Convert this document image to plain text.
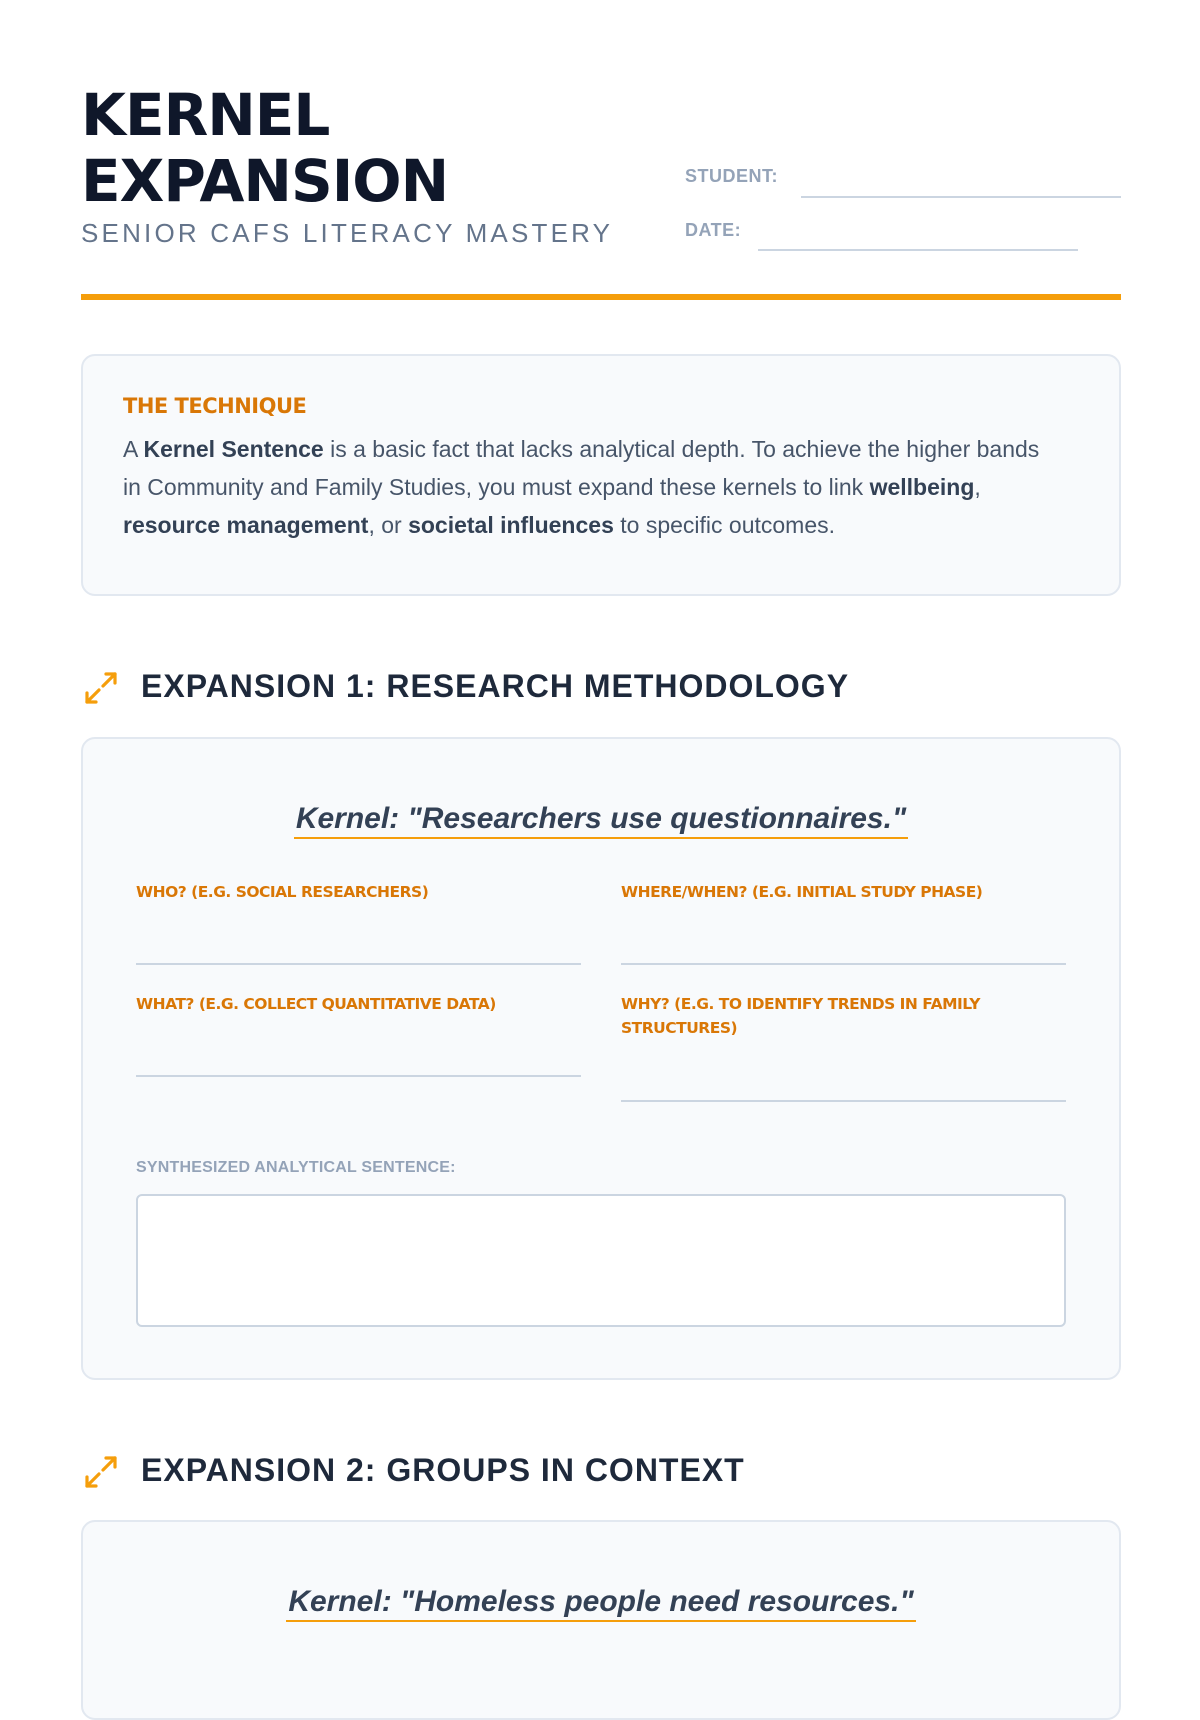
KERNEL
EXPANSION
SENIOR CAFS LITERACY MASTERY
STUDENT:
DATE:
THE TECHNIQUE

A Kernel Sentence is a basic fact that lacks analytical depth. To achieve the higher bands in Community and Family Studies, you must expand these kernels to link wellbeing, resource management, or societal influences to specific outcomes.

EXPANSION 1: RESEARCH METHODOLOGY
Kernel: "Researchers use questionnaires."
WHO? (E.G. SOCIAL RESEARCHERS)	WHERE/WHEN? (E.G. INITIAL STUDY PHASE)
WHAT? (E.G. COLLECT QUANTITATIVE DATA)	WHY? (E.G. TO IDENTIFY TRENDS IN FAMILY STRUCTURES)
SYNTHESIZED ANALYTICAL SENTENCE:
EXPANSION 2: GROUPS IN CONTEXT
Kernel: "Homeless people need resources."
